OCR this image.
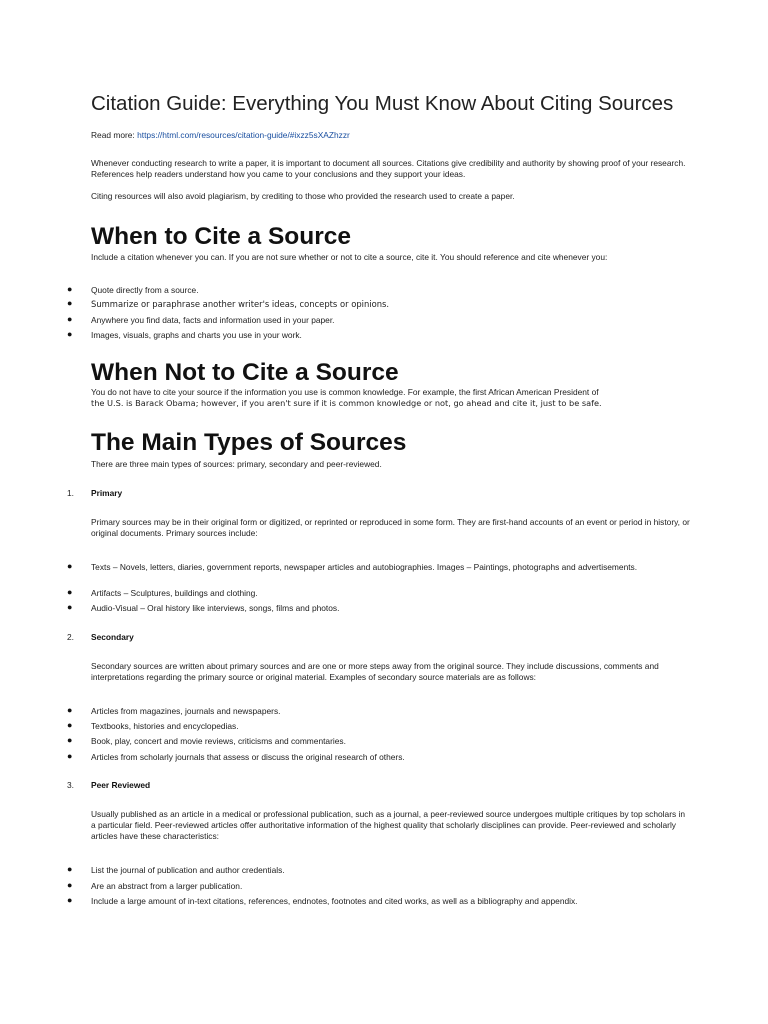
Citation Guide: Everything You Must Know About Citing Sources
Read more: https://html.com/resources/citation-guide/#ixzz5sXAZhzzr
Whenever conducting research to write a paper, it is important to document all sources. Citations give credibility and authority by showing proof of your research. References help readers understand how you came to your conclusions and they support your ideas.
Citing resources will also avoid plagiarism, by crediting to those who provided the research used to create a paper.
When to Cite a Source
Include a citation whenever you can. If you are not sure whether or not to cite a source, cite it. You should reference and cite whenever you:
● Quote directly from a source.
● Summarize or paraphrase another writer's ideas, concepts or opinions.
● Anywhere you find data, facts and information used in your paper.
● Images, visuals, graphs and charts you use in your work.
When Not to Cite a Source
You do not have to cite your source if the information you use is common knowledge. For example, the first African American President of
the U.S. is Barack Obama; however, if you aren't sure if it is common knowledge or not, go ahead and cite it, just to be safe.
The Main Types of Sources
There are three main types of sources: primary, secondary and peer-reviewed.
1. Primary
Primary sources may be in their original form or digitized, or reprinted or reproduced in some form. They are first-hand accounts of an event or period in history, or original documents. Primary sources include:
● Texts – Novels, letters, diaries, government reports, newspaper articles and autobiographies. Images – Paintings, photographs and advertisements.
● Artifacts – Sculptures, buildings and clothing.
● Audio-Visual – Oral history like interviews, songs, films and photos.
2. Secondary
Secondary sources are written about primary sources and are one or more steps away from the original source. They include discussions, comments and interpretations regarding the primary source or original material. Examples of secondary source materials are as follows:
● Articles from magazines, journals and newspapers.
● Textbooks, histories and encyclopedias.
● Book, play, concert and movie reviews, criticisms and commentaries.
● Articles from scholarly journals that assess or discuss the original research of others.
3. Peer Reviewed
Usually published as an article in a medical or professional publication, such as a journal, a peer-reviewed source undergoes multiple critiques by top scholars in a particular field. Peer-reviewed articles offer authoritative information of the highest quality that scholarly disciplines can provide. Peer-reviewed and scholarly articles have these characteristics:
● List the journal of publication and author credentials.
● Are an abstract from a larger publication.
● Include a large amount of in-text citations, references, endnotes, footnotes and cited works, as well as a bibliography and appendix.
